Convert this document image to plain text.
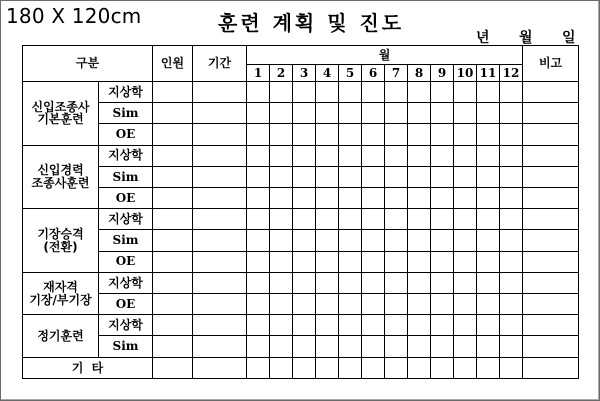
180 X 120cm	훈련 계획 및 진도
년 월 일
구분		인원	기간	월												비고
				1	2	3	4	5	6	7	8	9	10	11	12	

신입조종사
기본훈련	지상학															
	Sim															
	OE															

신입경력
조종사훈련	지상학															
	Sim															
	OE															

기장승격
(전환)	지상학															
	Sim															
	OE															

재자격
기장/부기장	지상학															
	OE															

정기훈련	지상학															
	Sim															
기  타																
